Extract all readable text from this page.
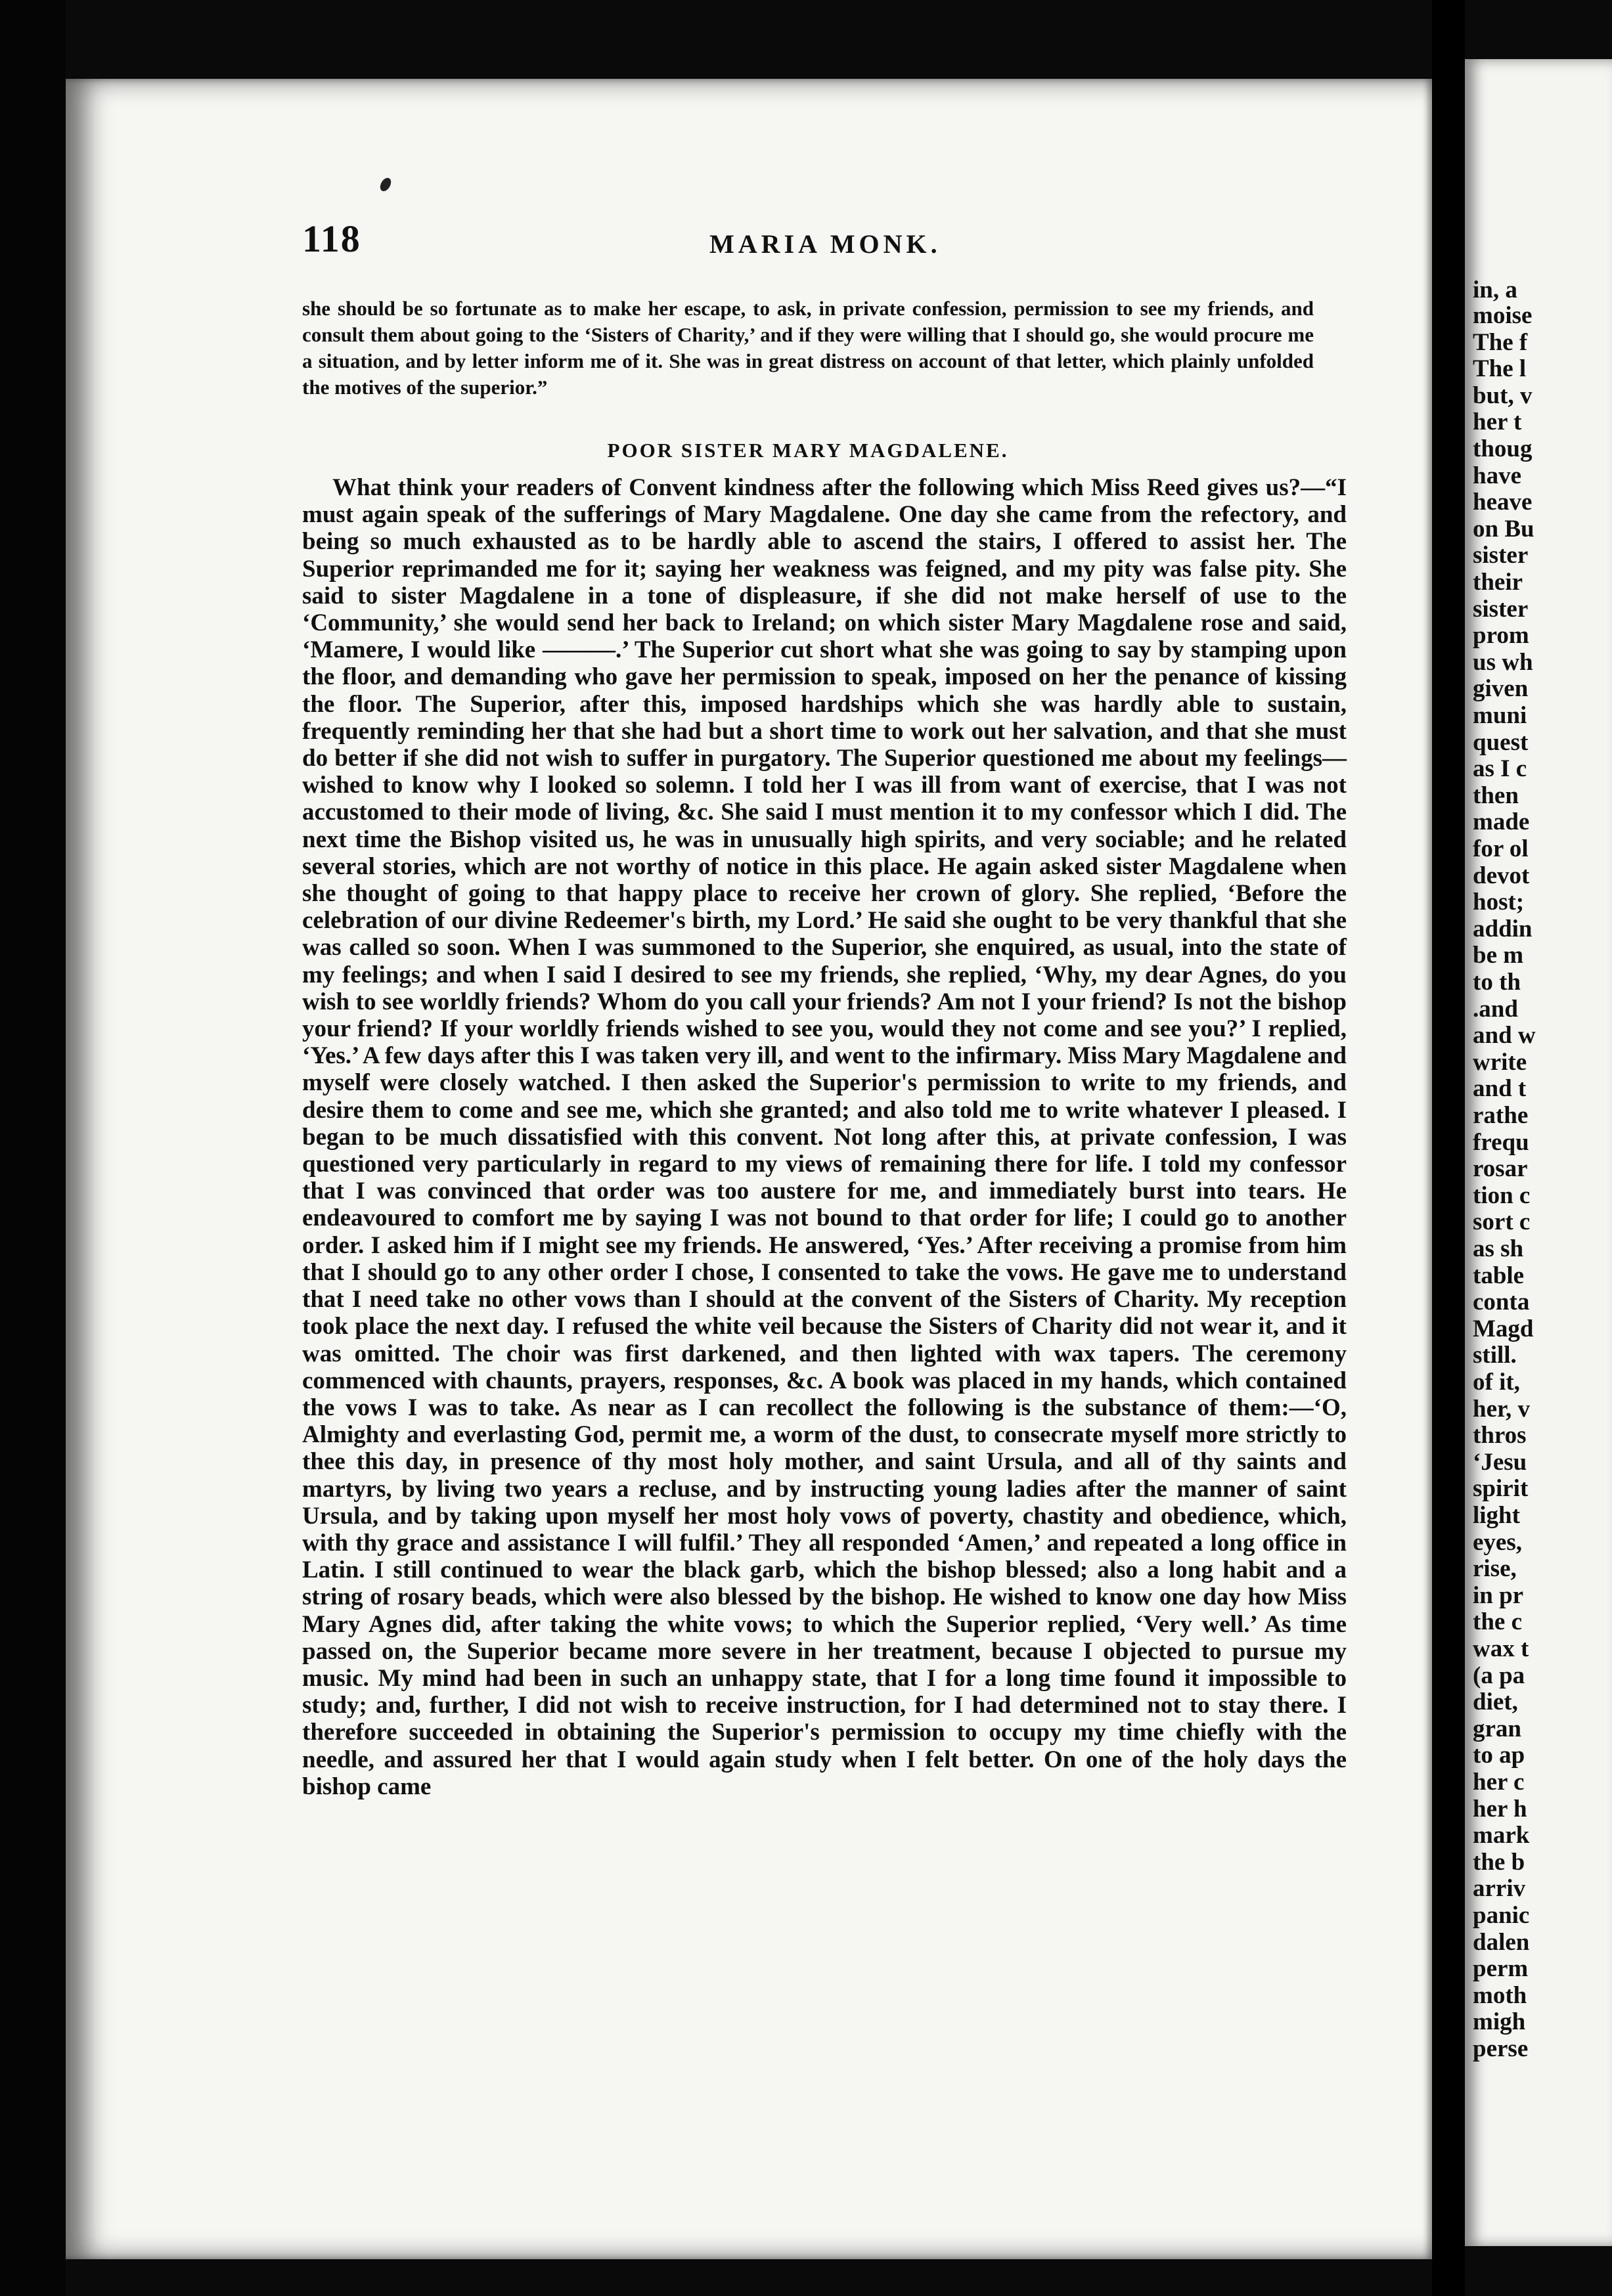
118	MARIA MONK.

she should be so fortunate as to make her escape, to ask, in private confession, permission to see my friends, and consult them about going to the ‘Sisters of Charity,’ and if they were willing that I should go, she would procure me a situation, and by letter inform me of it. She was in great distress on account of that letter, which plainly unfolded the motives of the superior.”

POOR SISTER MARY MAGDALENE.

What think your readers of Convent kindness after the following which Miss Reed gives us?—“I must again speak of the sufferings of Mary Magdalene. One day she came from the refectory, and being so much exhausted as to be hardly able to ascend the stairs, I offered to assist her. The Superior reprimanded me for it; saying her weakness was feigned, and my pity was false pity. She said to sister Magdalene in a tone of displeasure, if she did not make herself of use to the ‘Community,’ she would send her back to Ireland; on which sister Mary Magdalene rose and said, ‘Mamere, I would like ———.’ The Superior cut short what she was going to say by stamping upon the floor, and demanding who gave her permission to speak, imposed on her the penance of kissing the floor. The Superior, after this, imposed hardships which she was hardly able to sustain, frequently reminding her that she had but a short time to work out her salvation, and that she must do better if she did not wish to suffer in purgatory. The Superior questioned me about my feelings—wished to know why I looked so solemn. I told her I was ill from want of exercise, that I was not accustomed to their mode of living, &c. She said I must mention it to my confessor which I did. The next time the Bishop visited us, he was in unusually high spirits, and very sociable; and he related several stories, which are not worthy of notice in this place. He again asked sister Magdalene when she thought of going to that happy place to receive her crown of glory. She replied, ‘Before the celebration of our divine Redeemer's birth, my Lord.’ He said she ought to be very thankful that she was called so soon. When I was summoned to the Superior, she enquired, as usual, into the state of my feelings; and when I said I desired to see my friends, she replied, ‘Why, my dear Agnes, do you wish to see worldly friends? Whom do you call your friends? Am not I your friend? Is not the bishop your friend? If your worldly friends wished to see you, would they not come and see you?’ I replied, ‘Yes.’ A few days after this I was taken very ill, and went to the infirmary. Miss Mary Magdalene and myself were closely watched. I then asked the Superior's permission to write to my friends, and desire them to come and see me, which she granted; and also told me to write whatever I pleased. I began to be much dissatisfied with this convent. Not long after this, at private confession, I was questioned very particularly in regard to my views of remaining there for life. I told my confessor that I was convinced that order was too austere for me, and immediately burst into tears. He endeavoured to comfort me by saying I was not bound to that order for life; I could go to another order. I asked him if I might see my friends. He answered, ‘Yes.’ After receiving a promise from him that I should go to any other order I chose, I consented to take the vows. He gave me to understand that I need take no other vows than I should at the convent of the Sisters of Charity. My reception took place the next day. I refused the white veil because the Sisters of Charity did not wear it, and it was omitted. The choir was first darkened, and then lighted with wax tapers. The ceremony commenced with chaunts, prayers, responses, &c. A book was placed in my hands, which contained the vows I was to take. As near as I can recollect the following is the substance of them:—‘O, Almighty and everlasting God, permit me, a worm of the dust, to consecrate myself more strictly to thee this day, in presence of thy most holy mother, and saint Ursula, and all of thy saints and martyrs, by living two years a recluse, and by instructing young ladies after the manner of saint Ursula, and by taking upon myself her most holy vows of poverty, chastity and obedience, which, with thy grace and assistance I will fulfil.’ They all responded ‘Amen,’ and repeated a long office in Latin. I still continued to wear the black garb, which the bishop blessed; also a long habit and a string of rosary beads, which were also blessed by the bishop. He wished to know one day how Miss Mary Agnes did, after taking the white vows; to which the Superior replied, ‘Very well.’ As time passed on, the Superior became more severe in her treatment, because I objected to pursue my music. My mind had been in such an unhappy state, that I for a long time found it impossible to study; and, further, I did not wish to receive instruction, for I had determined not to stay there. I therefore succeeded in obtaining the Superior's permission to occupy my time chiefly with the needle, and assured her that I would again study when I felt better. On one of the holy days the bishop came

in, a
moise
The f
The l
but, v
her t
thoug
have
heave
on Bu
sister
their
sister
prom
us wh
given
muni
quest
as I c
then
made
for ol
devot
host;
addin
be m
to th
.and
and w
write
and t
rathe
frequ
rosar
tion c
sort c
as sh
table
conta
Magd
still.
of it,
her, v
thros
‘Jesu
spirit
light
eyes,
rise,
in pr
the c
wax t
(a pa
diet,
gran
to ap
her c
her h
mark
the b
arriv
panic
dalen
perm
moth
migh
perse
